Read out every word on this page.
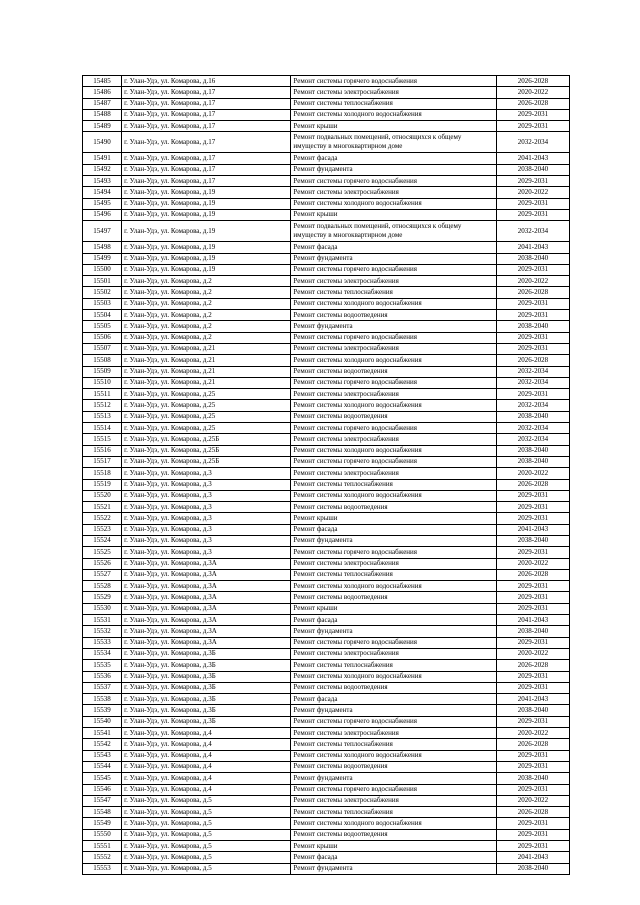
15485	г. Улан-Удэ, ул. Комарова, д.16	Ремонт системы горячего водоснабжения	2026-2028
15486	г. Улан-Удэ, ул. Комарова, д.17	Ремонт системы электроснабжения	2020-2022
15487	г. Улан-Удэ, ул. Комарова, д.17	Ремонт системы теплоснабжения	2026-2028
15488	г. Улан-Удэ, ул. Комарова, д.17	Ремонт системы холодного водоснабжения	2029-2031
15489	г. Улан-Удэ, ул. Комарова, д.17	Ремонт крыши	2029-2031
15490	г. Улан-Удэ, ул. Комарова, д.17	Ремонт подвальных помещений, относящихся к общему имуществу в многоквартирном доме	2032-2034
15491	г. Улан-Удэ, ул. Комарова, д.17	Ремонт фасада	2041-2043
15492	г. Улан-Удэ, ул. Комарова, д.17	Ремонт фундамента	2038-2040
15493	г. Улан-Удэ, ул. Комарова, д.17	Ремонт системы горячего водоснабжения	2029-2031
15494	г. Улан-Удэ, ул. Комарова, д.19	Ремонт системы электроснабжения	2020-2022
15495	г. Улан-Удэ, ул. Комарова, д.19	Ремонт системы холодного водоснабжения	2029-2031
15496	г. Улан-Удэ, ул. Комарова, д.19	Ремонт крыши	2029-2031
15497	г. Улан-Удэ, ул. Комарова, д.19	Ремонт подвальных помещений, относящихся к общему имуществу в многоквартирном доме	2032-2034
15498	г. Улан-Удэ, ул. Комарова, д.19	Ремонт фасада	2041-2043
15499	г. Улан-Удэ, ул. Комарова, д.19	Ремонт фундамента	2038-2040
15500	г. Улан-Удэ, ул. Комарова, д.19	Ремонт системы горячего водоснабжения	2029-2031
15501	г. Улан-Удэ, ул. Комарова, д.2	Ремонт системы электроснабжения	2020-2022
15502	г. Улан-Удэ, ул. Комарова, д.2	Ремонт системы теплоснабжения	2026-2028
15503	г. Улан-Удэ, ул. Комарова, д.2	Ремонт системы холодного водоснабжения	2029-2031
15504	г. Улан-Удэ, ул. Комарова, д.2	Ремонт системы водоотведения	2029-2031
15505	г. Улан-Удэ, ул. Комарова, д.2	Ремонт фундамента	2038-2040
15506	г. Улан-Удэ, ул. Комарова, д.2	Ремонт системы горячего водоснабжения	2029-2031
15507	г. Улан-Удэ, ул. Комарова, д.21	Ремонт системы электроснабжения	2029-2031
15508	г. Улан-Удэ, ул. Комарова, д.21	Ремонт системы холодного водоснабжения	2026-2028
15509	г. Улан-Удэ, ул. Комарова, д.21	Ремонт системы водоотведения	2032-2034
15510	г. Улан-Удэ, ул. Комарова, д.21	Ремонт системы горячего водоснабжения	2032-2034
15511	г. Улан-Удэ, ул. Комарова, д.25	Ремонт системы электроснабжения	2029-2031
15512	г. Улан-Удэ, ул. Комарова, д.25	Ремонт системы холодного водоснабжения	2032-2034
15513	г. Улан-Удэ, ул. Комарова, д.25	Ремонт системы водоотведения	2038-2040
15514	г. Улан-Удэ, ул. Комарова, д.25	Ремонт системы горячего водоснабжения	2032-2034
15515	г. Улан-Удэ, ул. Комарова, д.25Б	Ремонт системы электроснабжения	2032-2034
15516	г. Улан-Удэ, ул. Комарова, д.25Б	Ремонт системы холодного водоснабжения	2038-2040
15517	г. Улан-Удэ, ул. Комарова, д.25Б	Ремонт системы горячего водоснабжения	2038-2040
15518	г. Улан-Удэ, ул. Комарова, д.3	Ремонт системы электроснабжения	2020-2022
15519	г. Улан-Удэ, ул. Комарова, д.3	Ремонт системы теплоснабжения	2026-2028
15520	г. Улан-Удэ, ул. Комарова, д.3	Ремонт системы холодного водоснабжения	2029-2031
15521	г. Улан-Удэ, ул. Комарова, д.3	Ремонт системы водоотведения	2029-2031
15522	г. Улан-Удэ, ул. Комарова, д.3	Ремонт крыши	2029-2031
15523	г. Улан-Удэ, ул. Комарова, д.3	Ремонт фасада	2041-2043
15524	г. Улан-Удэ, ул. Комарова, д.3	Ремонт фундамента	2038-2040
15525	г. Улан-Удэ, ул. Комарова, д.3	Ремонт системы горячего водоснабжения	2029-2031
15526	г. Улан-Удэ, ул. Комарова, д.3А	Ремонт системы электроснабжения	2020-2022
15527	г. Улан-Удэ, ул. Комарова, д.3А	Ремонт системы теплоснабжения	2026-2028
15528	г. Улан-Удэ, ул. Комарова, д.3А	Ремонт системы холодного водоснабжения	2029-2031
15529	г. Улан-Удэ, ул. Комарова, д.3А	Ремонт системы водоотведения	2029-2031
15530	г. Улан-Удэ, ул. Комарова, д.3А	Ремонт крыши	2029-2031
15531	г. Улан-Удэ, ул. Комарова, д.3А	Ремонт фасада	2041-2043
15532	г. Улан-Удэ, ул. Комарова, д.3А	Ремонт фундамента	2038-2040
15533	г. Улан-Удэ, ул. Комарова, д.3А	Ремонт системы горячего водоснабжения	2029-2031
15534	г. Улан-Удэ, ул. Комарова, д.3Б	Ремонт системы электроснабжения	2020-2022
15535	г. Улан-Удэ, ул. Комарова, д.3Б	Ремонт системы теплоснабжения	2026-2028
15536	г. Улан-Удэ, ул. Комарова, д.3Б	Ремонт системы холодного водоснабжения	2029-2031
15537	г. Улан-Удэ, ул. Комарова, д.3Б	Ремонт системы водоотведения	2029-2031
15538	г. Улан-Удэ, ул. Комарова, д.3Б	Ремонт фасада	2041-2043
15539	г. Улан-Удэ, ул. Комарова, д.3Б	Ремонт фундамента	2038-2040
15540	г. Улан-Удэ, ул. Комарова, д.3Б	Ремонт системы горячего водоснабжения	2029-2031
15541	г. Улан-Удэ, ул. Комарова, д.4	Ремонт системы электроснабжения	2020-2022
15542	г. Улан-Удэ, ул. Комарова, д.4	Ремонт системы теплоснабжения	2026-2028
15543	г. Улан-Удэ, ул. Комарова, д.4	Ремонт системы холодного водоснабжения	2029-2031
15544	г. Улан-Удэ, ул. Комарова, д.4	Ремонт системы водоотведения	2029-2031
15545	г. Улан-Удэ, ул. Комарова, д.4	Ремонт фундамента	2038-2040
15546	г. Улан-Удэ, ул. Комарова, д.4	Ремонт системы горячего водоснабжения	2029-2031
15547	г. Улан-Удэ, ул. Комарова, д.5	Ремонт системы электроснабжения	2020-2022
15548	г. Улан-Удэ, ул. Комарова, д.5	Ремонт системы теплоснабжения	2026-2028
15549	г. Улан-Удэ, ул. Комарова, д.5	Ремонт системы холодного водоснабжения	2029-2031
15550	г. Улан-Удэ, ул. Комарова, д.5	Ремонт системы водоотведения	2029-2031
15551	г. Улан-Удэ, ул. Комарова, д.5	Ремонт крыши	2029-2031
15552	г. Улан-Удэ, ул. Комарова, д.5	Ремонт фасада	2041-2043
15553	г. Улан-Удэ, ул. Комарова, д.5	Ремонт фундамента	2038-2040
